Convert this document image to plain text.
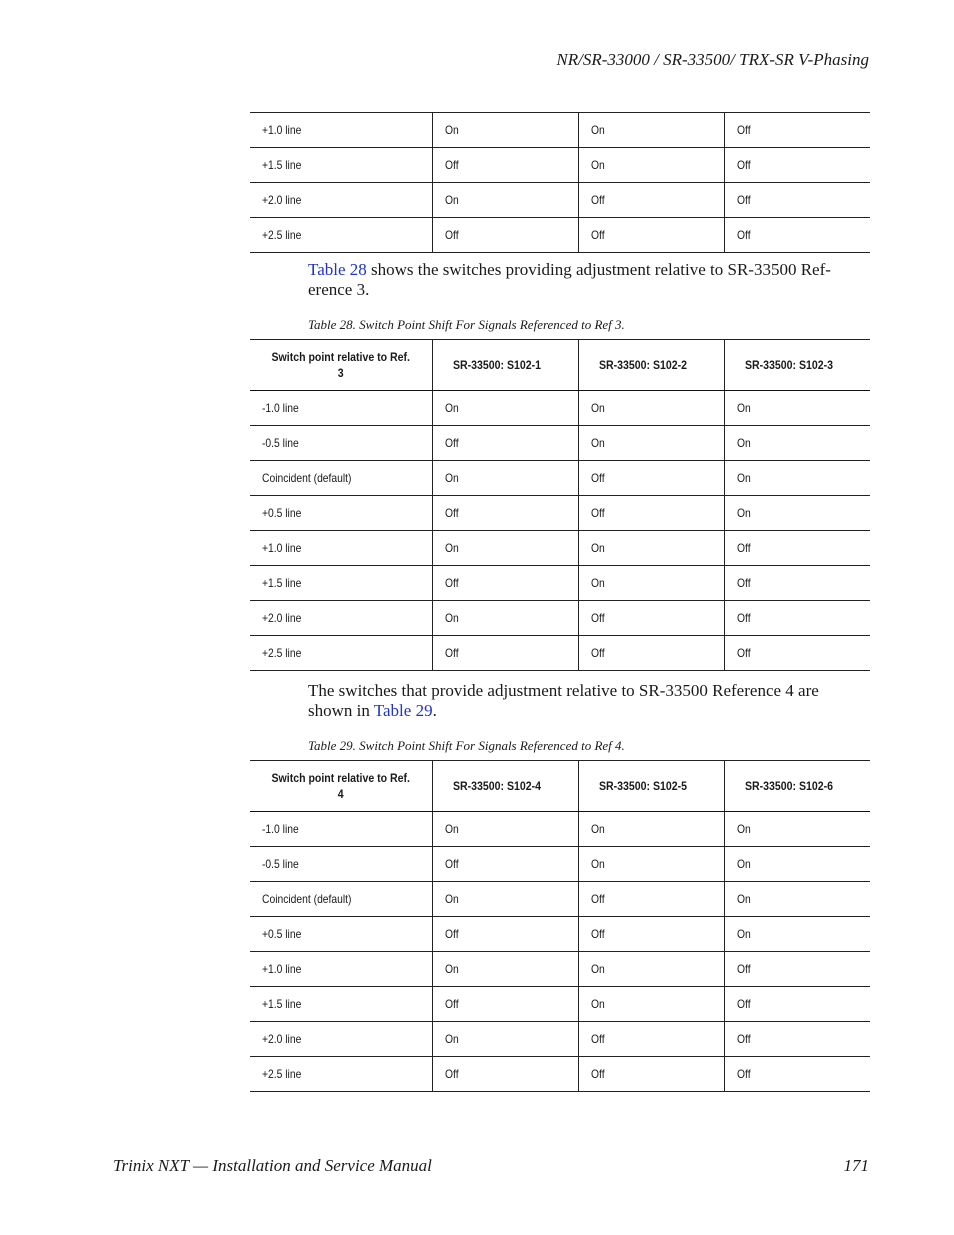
NR/SR-33000 / SR-33500/ TRX-SR V-Phasing
+1.0 line	On	On	Off
+1.5 line	Off	On	Off
+2.0 line	On	Off	Off
+2.5 line	Off	Off	Off
Table 28 shows the switches providing adjustment relative to SR-33500 Ref-
erence 3.
Table 28. Switch Point Shift For Signals Referenced to Ref 3.
Switch point relative to Ref. 3	SR-33500: S102-1	SR-33500: S102-2	SR-33500: S102-3
-1.0 line	On	On	On
-0.5 line	Off	On	On
Coincident (default)	On	Off	On
+0.5 line	Off	Off	On
+1.0 line	On	On	Off
+1.5 line	Off	On	Off
+2.0 line	On	Off	Off
+2.5 line	Off	Off	Off
The switches that provide adjustment relative to SR-33500 Reference 4 are
shown in Table 29.
Table 29. Switch Point Shift For Signals Referenced to Ref 4.
Switch point relative to Ref. 4	SR-33500: S102-4	SR-33500: S102-5	SR-33500: S102-6
-1.0 line	On	On	On
-0.5 line	Off	On	On
Coincident (default)	On	Off	On
+0.5 line	Off	Off	On
+1.0 line	On	On	Off
+1.5 line	Off	On	Off
+2.0 line	On	Off	Off
+2.5 line	Off	Off	Off
Trinix NXT — Installation and Service Manual	171
